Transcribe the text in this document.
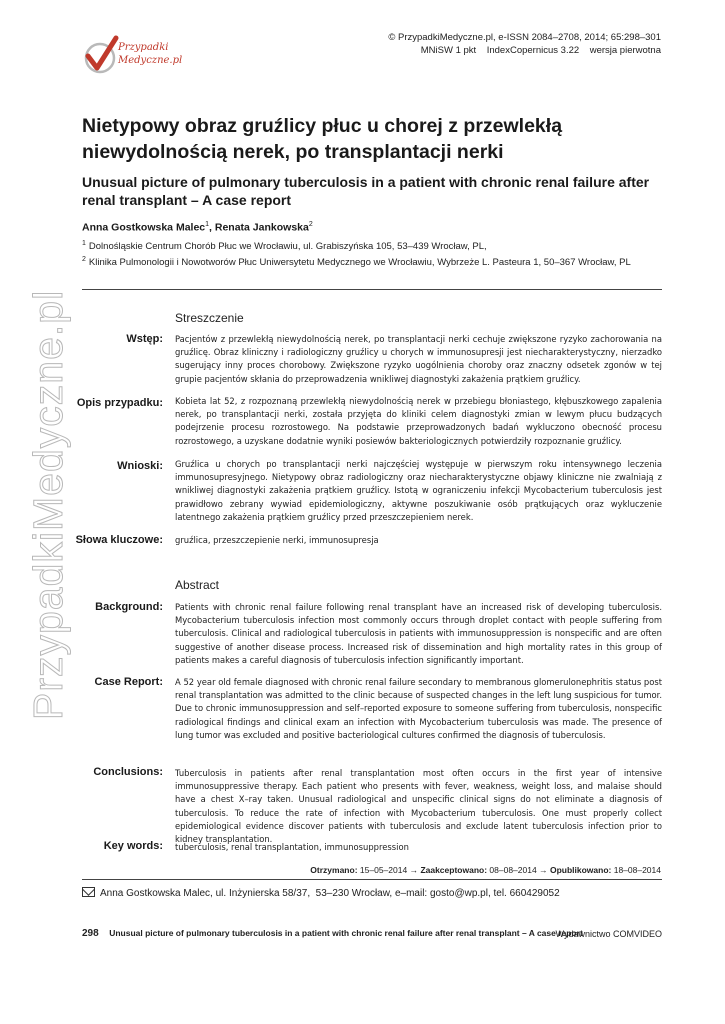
Przypadki
Medyczne.pl
© PrzypadkiMedyczne.pl, e-ISSN 2084–2708, 2014; 65:298–301
MNiSW 1 pkt    IndexCopernicus 3.22    wersja pierwotna
Nietypowy obraz gruźlicy płuc u chorej z przewlekłą niewydolnością nerek, po transplantacji nerki
Unusual picture of pulmonary tuberculosis in a patient with chronic renal failure after renal transplant – A case report
Anna Gostkowska Malec$^1$, Renata Jankowska$^2$
$^1$ Dolnośląskie Centrum Chorób Płuc we Wrocławiu, ul. Grabiszyńska 105, 53–439 Wrocław, PL,
$^2$ Klinika Pulmonologii i Nowotworów Płuc Uniwersytetu Medycznego we Wrocławiu, Wybrzeże L. Pasteura 1, 50–367 Wrocław, PL
PrzypadkiMedyczne.pl	Streszczenie
Wstęp: Pacjentów z przewlekłą niewydolnością nerek, po transplantacji nerki cechuje zwiększone ryzyko zachorowania na gruźlicę. Obraz kliniczny i radiologiczny gruźlicy u chorych w immunosupresji jest niecharakterystyczny, nierzadko sugerujący inny proces chorobowy. Zwiększone ryzyko uogólnienia choroby oraz znaczny odsetek zgonów w tej grupie pacjentów skłania do przeprowadzenia wnikliwej diagnostyki zakażenia prątkiem gruźlicy.
Opis przypadku: Kobieta lat 52, z rozpoznaną przewlekłą niewydolnością nerek w przebiegu błoniastego, kłębuszkowego zapalenia nerek, po transplantacji nerki, została przyjęta do kliniki celem diagnostyki zmian w lewym płucu budzących podejrzenie procesu rozrostowego. Na podstawie przeprowadzonych badań wykluczono obecność procesu rozrostowego, a uzyskane dodatnie wyniki posiewów bakteriologicznych potwierdziły rozpoznanie gruźlicy.
Wnioski: Gruźlica u chorych po transplantacji nerki najczęściej występuje w pierwszym roku intensywnego leczenia immunosupresyjnego. Nietypowy obraz radiologiczny oraz niecharakterystyczne objawy kliniczne nie zwalniają z wnikliwej diagnostyki zakażenia prątkiem gruźlicy. Istotą w ograniczeniu infekcji Mycobacterium tuberculosis jest prawidłowo zebrany wywiad epidemiologiczny, aktywne poszukiwanie osób prątkujących oraz wykluczenie latentnego zakażenia prątkiem gruźlicy przed przeszczepieniem nerek.
Słowa kluczowe: gruźlica, przeszczepienie nerki, immunosupresja
Abstract
Background: Patients with chronic renal failure following renal transplant have an increased risk of developing tuberculosis. Mycobacterium tuberculosis infection most commonly occurs through droplet contact with people suffering from tuberculosis. Clinical and radiological tuberculosis in patients with immunosuppression is nonspecific and are often suggestive of another disease process. Increased risk of dissemination and high mortality rates in this group of patients makes a careful diagnosis of tuberculosis infection significantly important.
Case Report: A 52 year old female diagnosed with chronic renal failure secondary to membranous glomerulonephritis status post renal transplantation was admitted to the clinic because of suspected changes in the left lung suspicious for tumor. Due to chronic immunosuppression and self–reported exposure to someone suffering from tuberculosis, nonspecific radiological findings and clinical exam an infection with Mycobacterium tuberculosis was made. The presence of lung tumor was excluded and positive bacteriological cultures confirmed the diagnosis of tuberculosis.
Conclusions: Tuberculosis in patients after renal transplantation most often occurs in the first year of intensive immunosuppressive therapy. Each patient who presents with fever, weakness, weight loss, and malaise should have a chest X–ray taken. Unusual radiological and unspecific clinical signs do not eliminate a diagnosis of tuberculosis. To reduce the rate of infection with Mycobacterium tuberculosis. One must properly collect epidemiological evidence discover patients with tuberculosis and exclude latent tuberculosis infection prior to kidney transplantation.
Key words: tuberculosis, renal transplantation, immunosuppression
Otrzymano: 15–05–2014 → Zaakceptowano: 08–08–2014 → Opublikowano: 18–08–2014
Anna Gostkowska Malec, ul. Inżynierska 58/37,  53–230 Wrocław, e–mail: gosto@wp.pl, tel. 660429052
298 Unusual picture of pulmonary tuberculosis in a patient with chronic renal failure after renal transplant – A case report
Wydawnictwo COMVIDEO
